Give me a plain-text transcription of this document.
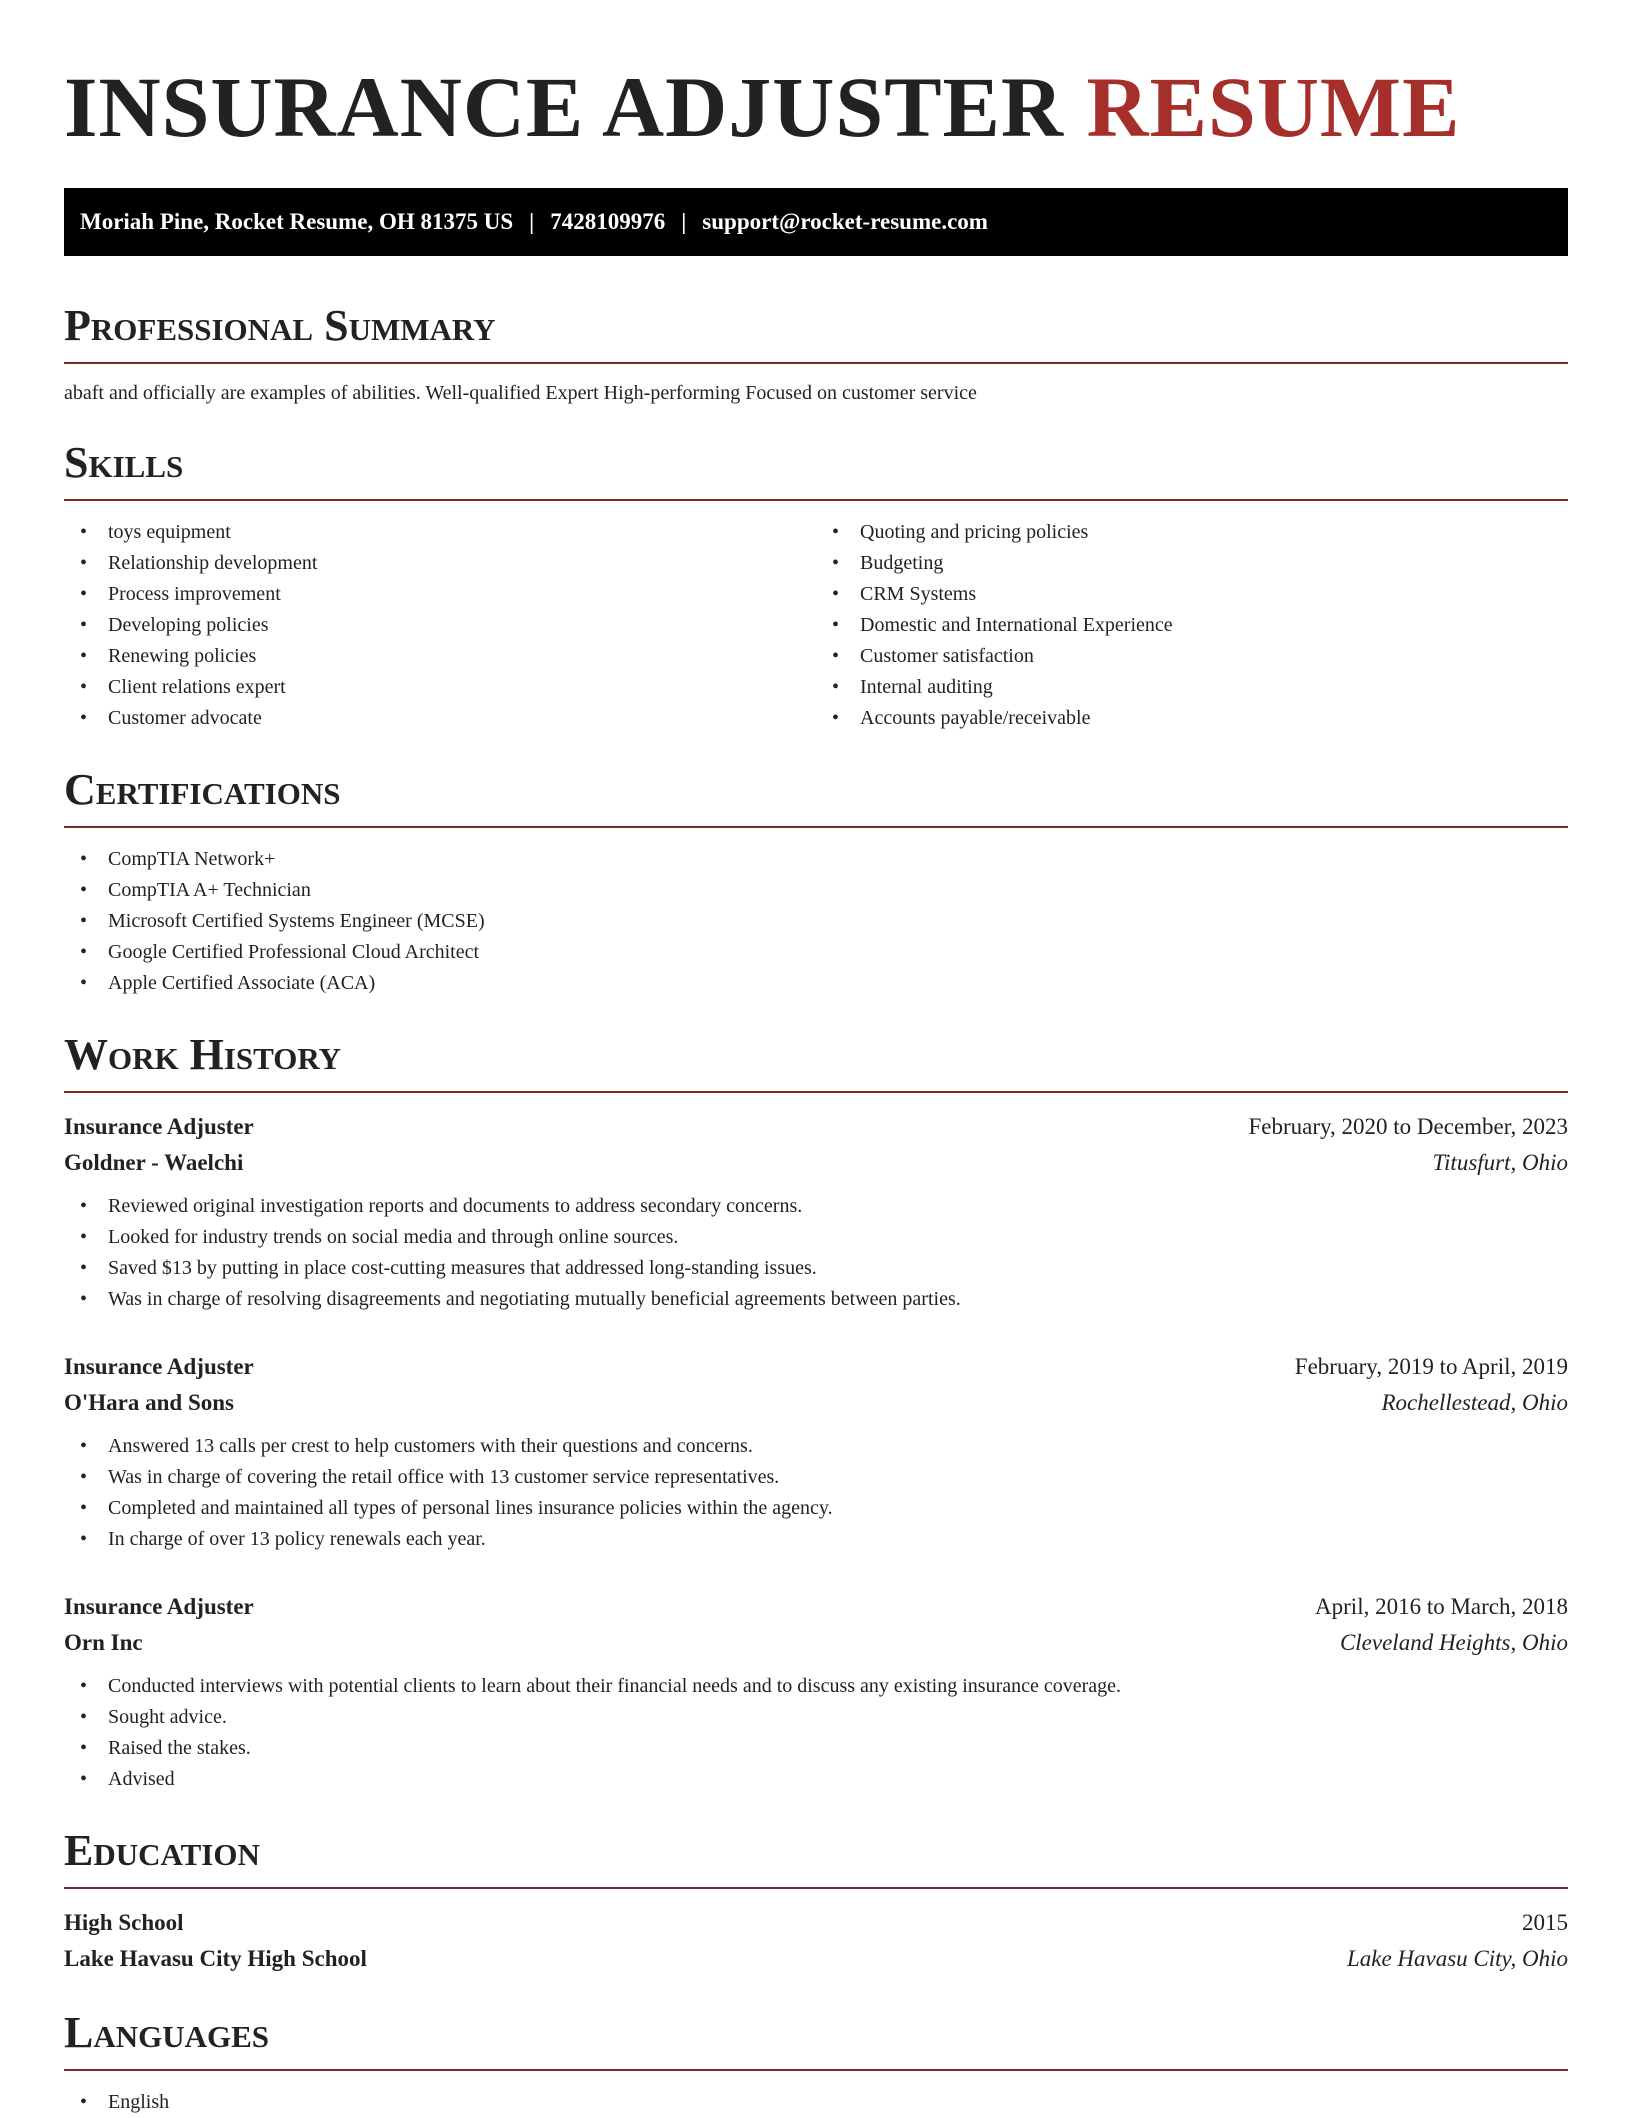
INSURANCE ADJUSTER RESUME
Moriah Pine, Rocket Resume, OH 81375 US | 7428109976 | support@rocket-resume.com
Professional Summary
abaft and officially are examples of abilities. Well-qualified Expert High-performing Focused on customer service
Skills
• toys equipment
• Relationship development
• Process improvement
• Developing policies
• Renewing policies
• Client relations expert
• Customer advocate
• Quoting and pricing policies
• Budgeting
• CRM Systems
• Domestic and International Experience
• Customer satisfaction
• Internal auditing
• Accounts payable/receivable
Certifications
• CompTIA Network+
• CompTIA A+ Technician
• Microsoft Certified Systems Engineer (MCSE)
• Google Certified Professional Cloud Architect
• Apple Certified Associate (ACA)
Work History
Insurance Adjuster	February, 2020 to December, 2023
Goldner - Waelchi	Titusfurt, Ohio
• Reviewed original investigation reports and documents to address secondary concerns.
• Looked for industry trends on social media and through online sources.
• Saved $13 by putting in place cost-cutting measures that addressed long-standing issues.
• Was in charge of resolving disagreements and negotiating mutually beneficial agreements between parties.
Insurance Adjuster	February, 2019 to April, 2019
O'Hara and Sons	Rochellestead, Ohio
• Answered 13 calls per crest to help customers with their questions and concerns.
• Was in charge of covering the retail office with 13 customer service representatives.
• Completed and maintained all types of personal lines insurance policies within the agency.
• In charge of over 13 policy renewals each year.
Insurance Adjuster	April, 2016 to March, 2018
Orn Inc	Cleveland Heights, Ohio
• Conducted interviews with potential clients to learn about their financial needs and to discuss any existing insurance coverage.
• Sought advice.
• Raised the stakes.
• Advised
Education
High School	2015
Lake Havasu City High School	Lake Havasu City, Ohio
Languages
• English
